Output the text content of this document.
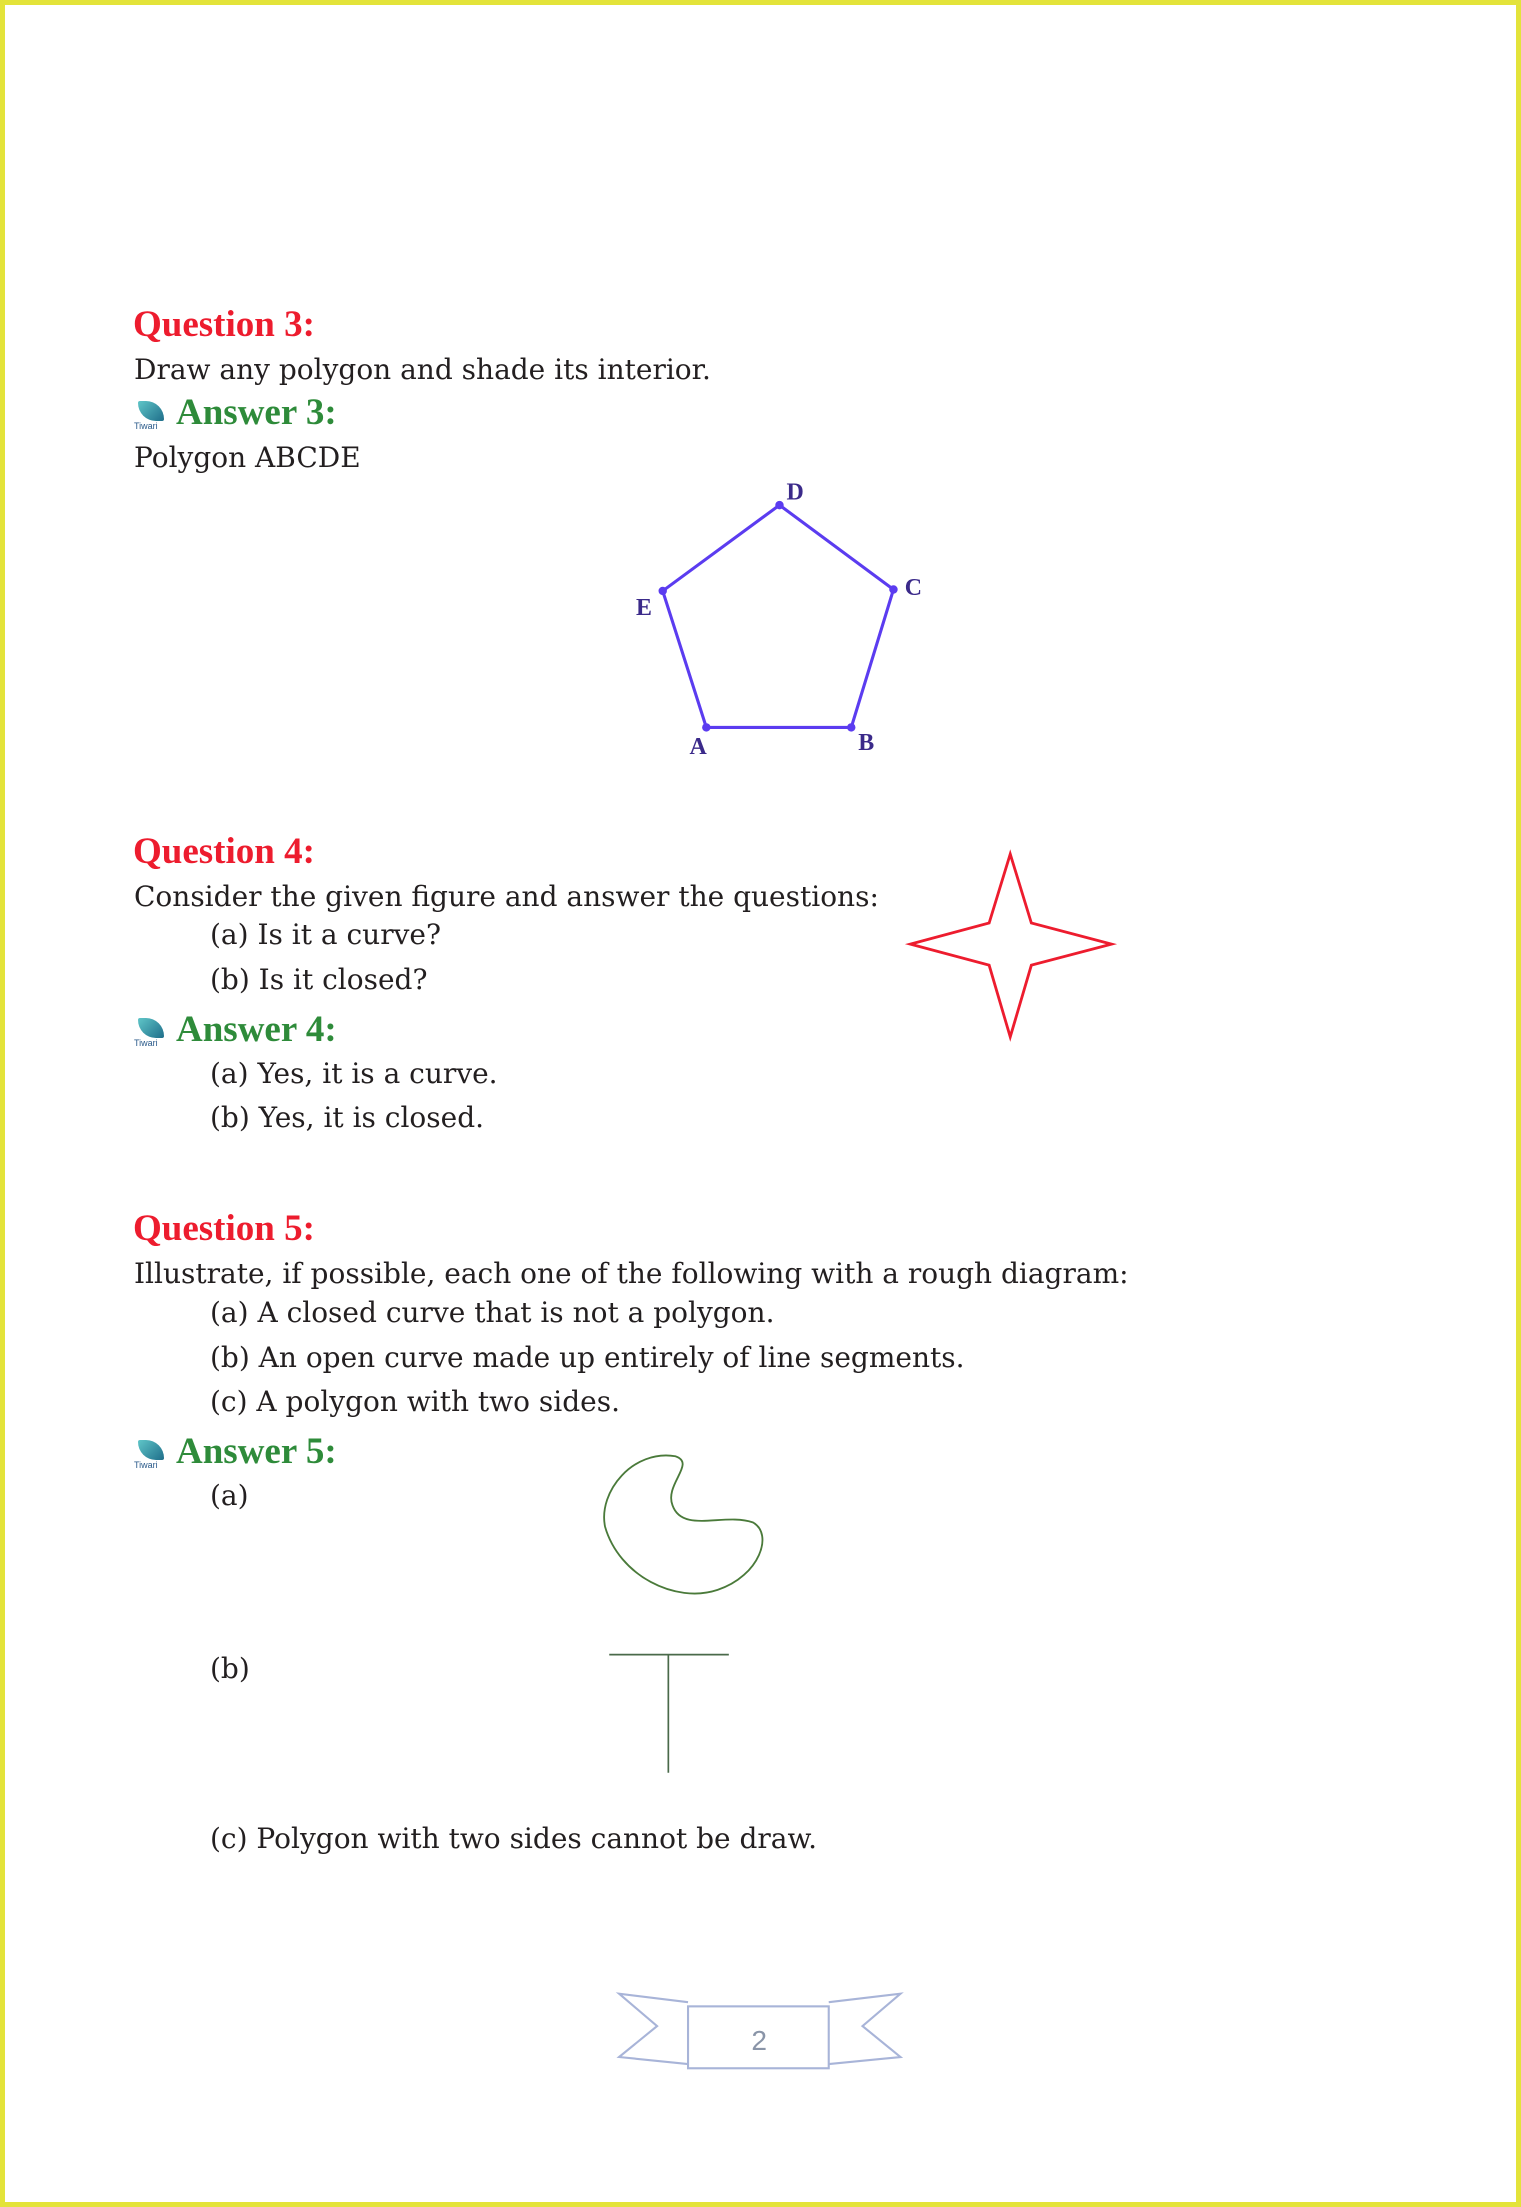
A	B
C
D
E
2
Question 3:
Draw any polygon and shade its interior.
Tiwari Answer 3:
Polygon ABCDE
Question 4:
Consider the given figure and answer the questions:
(a) Is it a curve?
(b) Is it closed?
Tiwari Answer 4:
(a) Yes, it is a curve.
(b) Yes, it is closed.
Question 5:
Illustrate, if possible, each one of the following with a rough diagram:
(a) A closed curve that is not a polygon.
(b) An open curve made up entirely of line segments.
(c) A polygon with two sides.
Tiwari Answer 5:
(a)
(b)
(c) Polygon with two sides cannot be draw.
